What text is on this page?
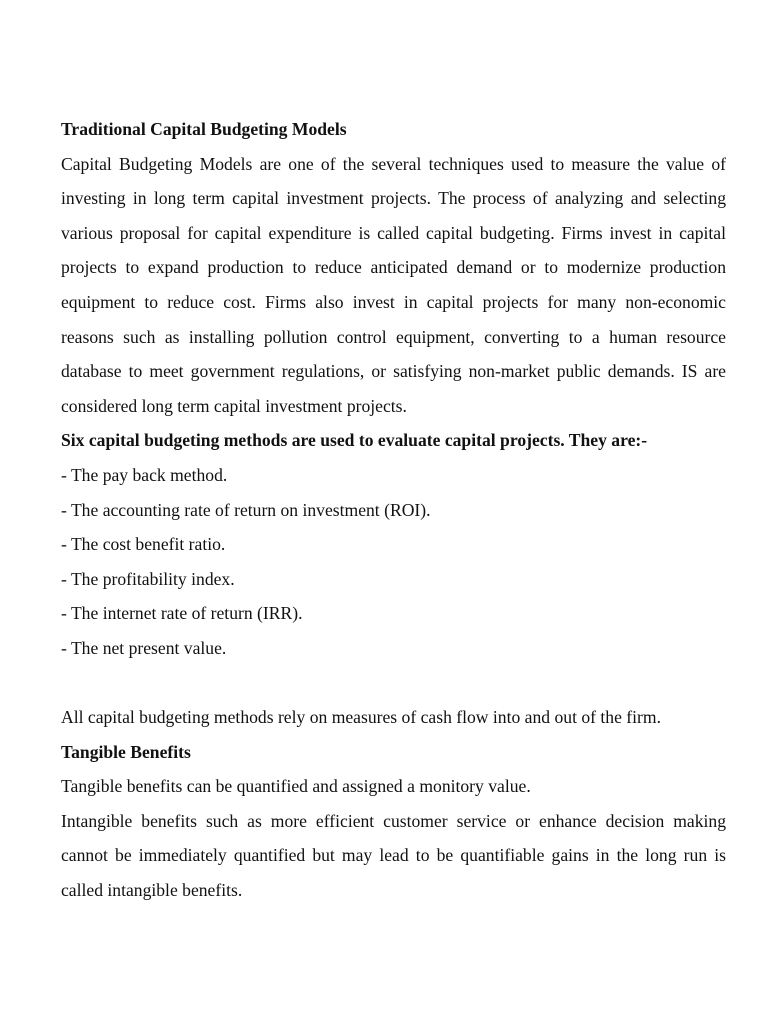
Traditional Capital Budgeting Models

Capital Budgeting Models are one of the several techniques used to measure the value of investing in long term capital investment projects. The process of analyzing and selecting various proposal for capital expenditure is called capital budgeting. Firms invest in capital projects to expand production to reduce anticipated demand or to modernize production equipment to reduce cost. Firms also invest in capital projects for many non-economic reasons such as installing pollution control equipment, converting to a human resource database to meet government regulations, or satisfying non-market public demands. IS are considered long term capital investment projects.

Six capital budgeting methods are used to evaluate capital projects. They are:-

- The pay back method.

- The accounting rate of return on investment (ROI).

- The cost benefit ratio.

- The profitability index.

- The internet rate of return (IRR).

- The net present value.

All capital budgeting methods rely on measures of cash flow into and out of the firm.

Tangible Benefits

Tangible benefits can be quantified and assigned a monitory value.

Intangible benefits such as more efficient customer service or enhance decision making cannot be immediately quantified but may lead to be quantifiable gains in the long run is called intangible benefits.
